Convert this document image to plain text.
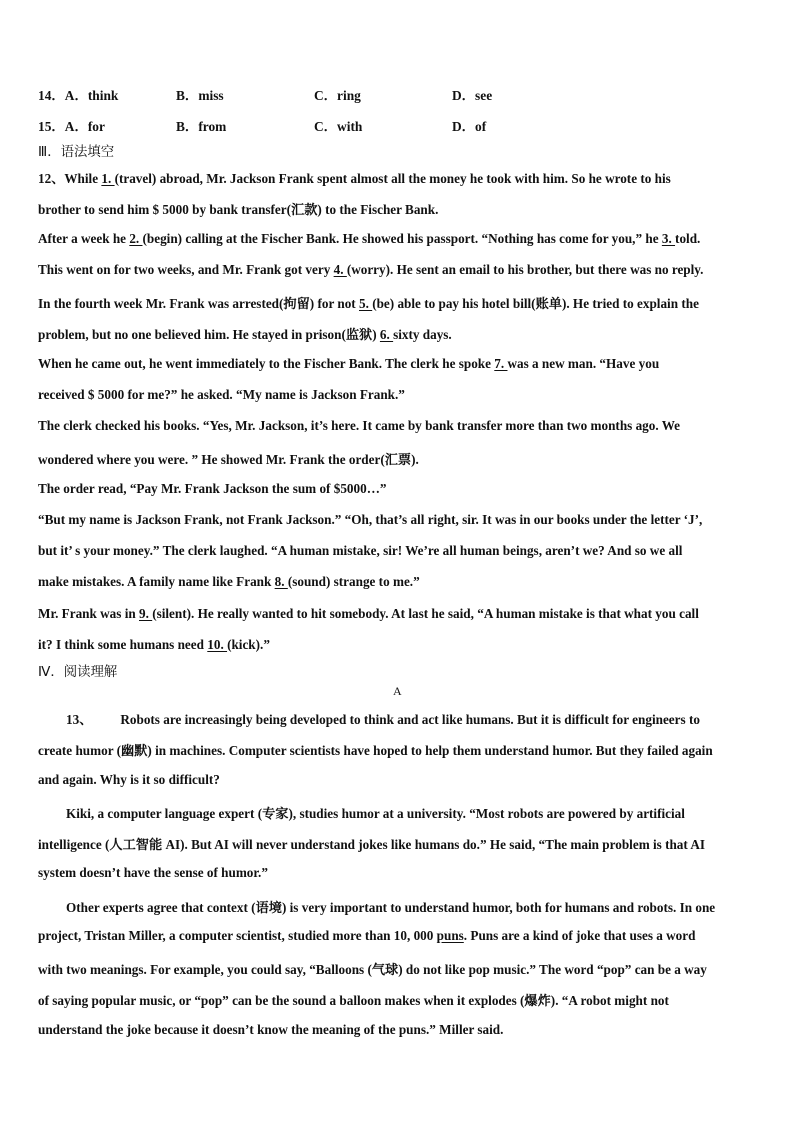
14．A．think	B．miss	C．ring	D．see
15．A．for	B．from	C．with	D．of
Ⅲ．语法填空
12、While 1. (travel) abroad, Mr. Jackson Frank spent almost all the money he took with him. So he wrote to his
brother to send him $ 5000 by bank transfer(汇款) to the Fischer Bank.
After a week he 2. (begin) calling at the Fischer Bank. He showed his passport. “Nothing has come for you,” he 3. told.
This went on for two weeks, and Mr. Frank got very 4. (worry). He sent an email to his brother, but there was no reply.
In the fourth week Mr. Frank was arrested(拘留) for not 5. (be) able to pay his hotel bill(账单). He tried to explain the
problem, but no one believed him. He stayed in prison(监狱) 6. sixty days.
When he came out, he went immediately to the Fischer Bank. The clerk he spoke 7. was a new man. “Have you
received $ 5000 for me?” he asked. “My name is Jackson Frank.”
The clerk checked his books. “Yes, Mr. Jackson, it’s here. It came by bank transfer more than two months ago. We
wondered where you were. ” He showed Mr. Frank the order(汇票).
The order read, “Pay Mr. Frank Jackson the sum of $5000…”
“But my name is Jackson Frank, not Frank Jackson.” “Oh, that’s all right, sir. It was in our books under the letter ‘J’,
but it’ s your money.” The clerk laughed. “A human mistake, sir! We’re all human beings, aren’t we? And so we all
make mistakes. A family name like Frank 8. (sound) strange to me.”
Mr. Frank was in 9. (silent). He really wanted to hit somebody. At last he said, “A human mistake is that what you call
it? I think some humans need 10. (kick).”
Ⅳ．阅读理解
A
13、 Robots are increasingly being developed to think and act like humans. But it is difficult for engineers to
create humor (幽默) in machines. Computer scientists have hoped to help them understand humor. But they failed again
and again. Why is it so difficult?
Kiki, a computer language expert (专家), studies humor at a university. “Most robots are powered by artificial
intelligence (人工智能 AI). But AI will never understand jokes like humans do.” He said, “The main problem is that AI
system doesn’t have the sense of humor.”
Other experts agree that context (语境) is very important to understand humor, both for humans and robots. In one
project, Tristan Miller, a computer scientist, studied more than 10, 000 puns. Puns are a kind of joke that uses a word
with two meanings. For example, you could say, “Balloons (气球) do not like pop music.” The word “pop” can be a way
of saying popular music, or “pop” can be the sound a balloon makes when it explodes (爆炸). “A robot might not
understand the joke because it doesn’t know the meaning of the puns.” Miller said.
